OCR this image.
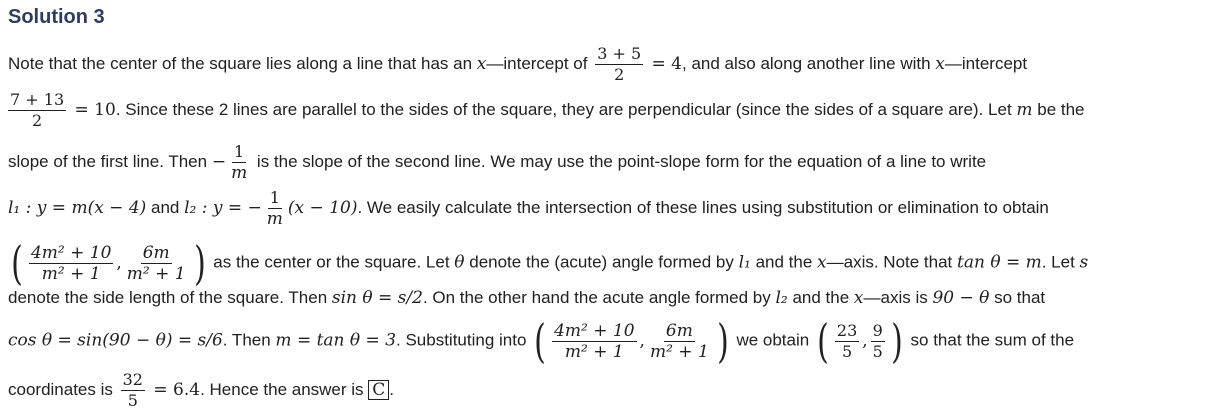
Solution 3
Note that the center of the square lies along a line that has an x—intercept of $\frac{3 + 5}{2} = 4$, and also along another line with x—intercept
$\frac{7 + 13}{2} = 10$. Since these 2 lines are parallel to the sides of the square, they are perpendicular (since the sides of a square are). Let m be the
slope of the first line. Then − $\frac{1}{m}$ is the slope of the second line. We may use the point-slope form for the equation of a line to write
l₁ : y = m(x − 4) and l₂ : y = − $\frac{1}{m} (x - 10)$. We easily calculate the intersection of these lines using substitution or elimination to obtain
( $\frac{\text{4m² + 10}}{\text{m² + 1}}$ , $\frac{6m}{\text{m² + 1}}$ ) as the center or the square. Let θ denote the (acute) angle formed by l₁ and the x—axis. Note that tan θ = m. Let s
denote the side length of the square. Then sin θ = s/2. On the other hand the acute angle formed by l₂ and the x—axis is 90 − θ so that
cos θ = sin(90 − θ) = s/6. Then m = tan θ = 3. Substituting into ( $\frac{\text{4m² + 10}}{\text{m² + 1}}$ , $\frac{6m}{\text{m² + 1}}$ ) we obtain ( $\frac{23}{5}$ , $\frac{9}{5}$ ) so that the sum of the
coordinates is $\frac{32}{5} = 6.4$. Hence the answer is C .
